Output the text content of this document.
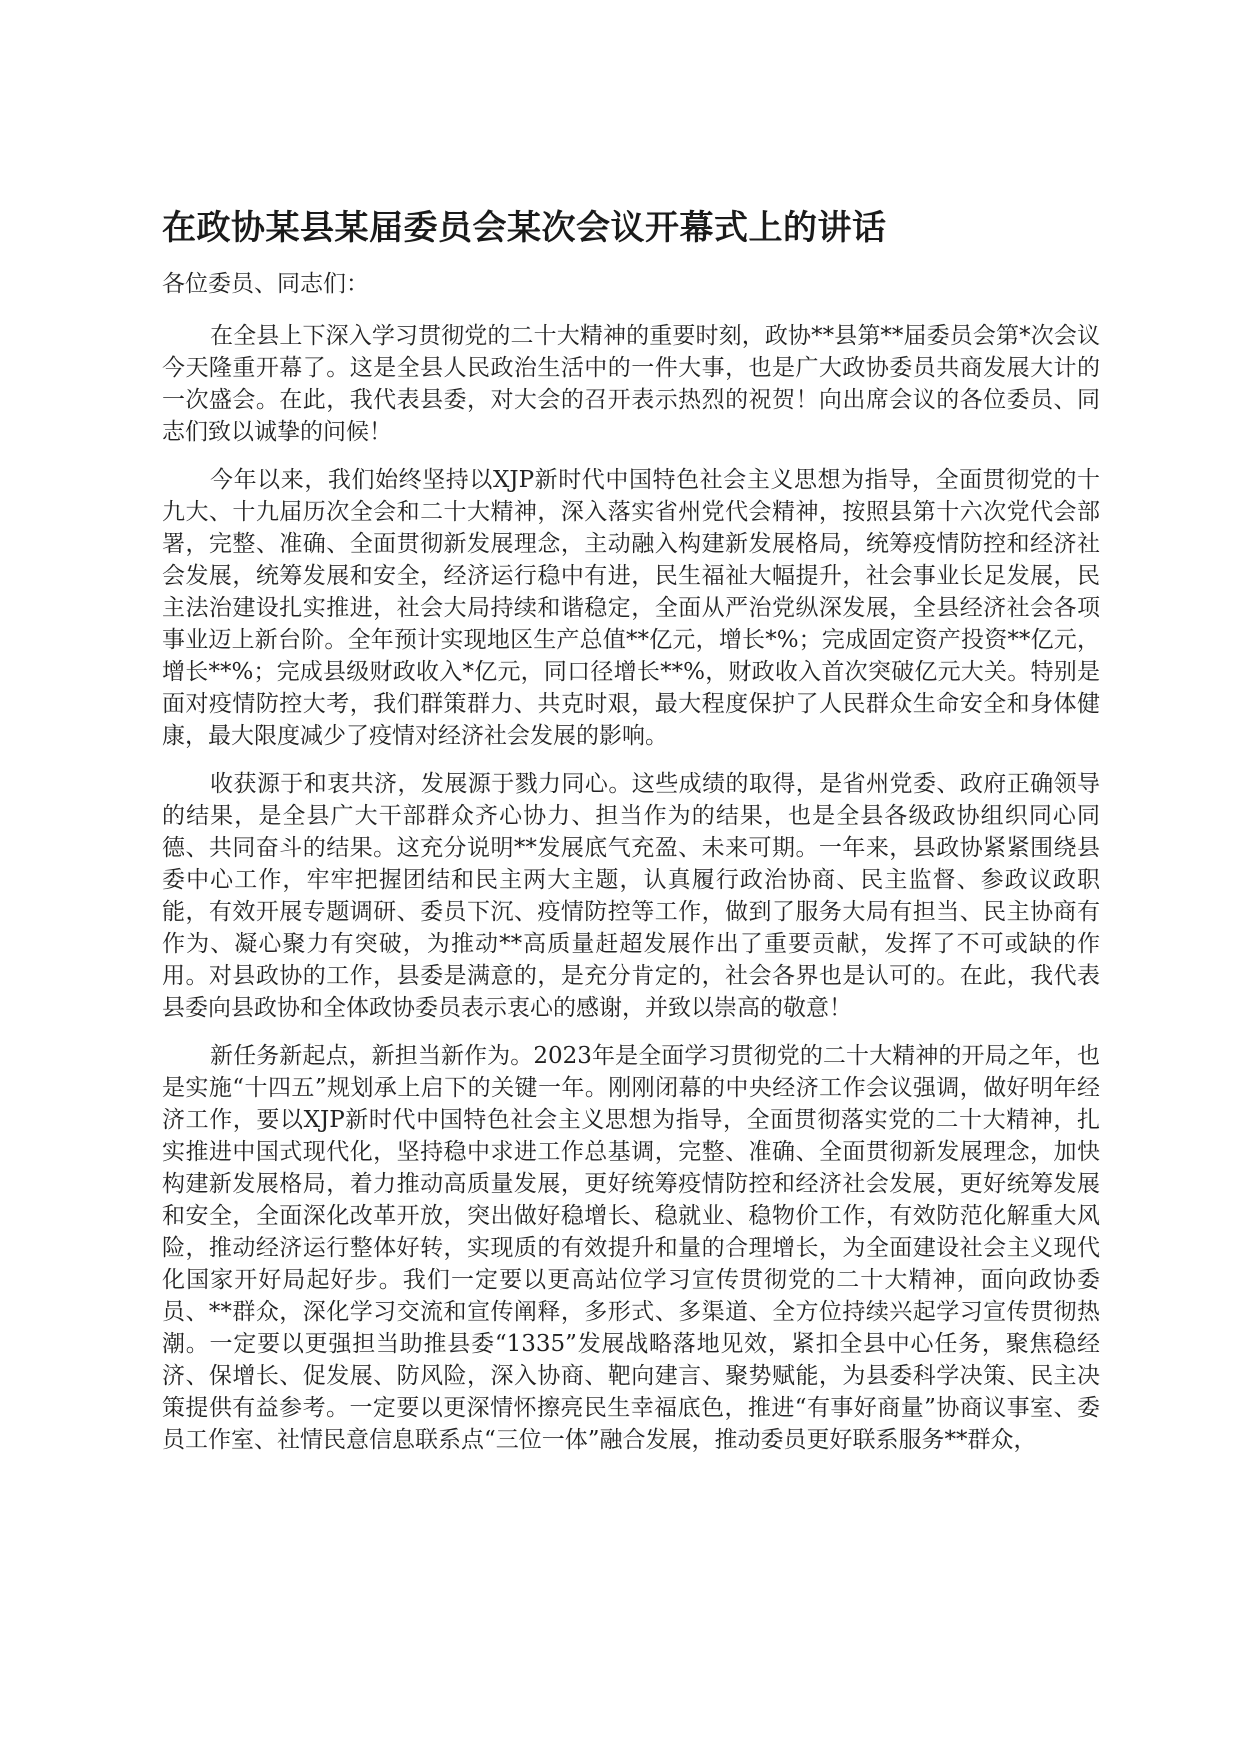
在政协某县某届委员会某次会议开幕式上的讲话

各位委员、同志们：

在全县上下深入学习贯彻党的二十大精神的重要时刻，政协**县第**届委员会第*次会议今天隆重开幕了。这是全县人民政治生活中的一件大事，也是广大政协委员共商发展大计的一次盛会。在此，我代表县委，对大会的召开表示热烈的祝贺！向出席会议的各位委员、同志们致以诚挚的问候！

今年以来，我们始终坚持以XJP新时代中国特色社会主义思想为指导，全面贯彻党的十九大、十九届历次全会和二十大精神，深入落实省州党代会精神，按照县第十六次党代会部署，完整、准确、全面贯彻新发展理念，主动融入构建新发展格局，统筹疫情防控和经济社会发展，统筹发展和安全，经济运行稳中有进，民生福祉大幅提升，社会事业长足发展，民主法治建设扎实推进，社会大局持续和谐稳定，全面从严治党纵深发展，全县经济社会各项事业迈上新台阶。全年预计实现地区生产总值**亿元，增长*%；完成固定资产投资**亿元，增长**%；完成县级财政收入*亿元，同口径增长**%，财政收入首次突破亿元大关。特别是面对疫情防控大考，我们群策群力、共克时艰，最大程度保护了人民群众生命安全和身体健康，最大限度减少了疫情对经济社会发展的影响。

收获源于和衷共济，发展源于戮力同心。这些成绩的取得，是省州党委、政府正确领导的结果，是全县广大干部群众齐心协力、担当作为的结果，也是全县各级政协组织同心同德、共同奋斗的结果。这充分说明**发展底气充盈、未来可期。一年来，县政协紧紧围绕县委中心工作，牢牢把握团结和民主两大主题，认真履行政治协商、民主监督、参政议政职能，有效开展专题调研、委员下沉、疫情防控等工作，做到了服务大局有担当、民主协商有作为、凝心聚力有突破，为推动**高质量赶超发展作出了重要贡献，发挥了不可或缺的作用。对县政协的工作，县委是满意的，是充分肯定的，社会各界也是认可的。在此，我代表县委向县政协和全体政协委员表示衷心的感谢，并致以崇高的敬意！

新任务新起点，新担当新作为。2023年是全面学习贯彻党的二十大精神的开局之年，也是实施“十四五”规划承上启下的关键一年。刚刚闭幕的中央经济工作会议强调，做好明年经济工作，要以XJP新时代中国特色社会主义思想为指导，全面贯彻落实党的二十大精神，扎实推进中国式现代化，坚持稳中求进工作总基调，完整、准确、全面贯彻新发展理念，加快构建新发展格局，着力推动高质量发展，更好统筹疫情防控和经济社会发展，更好统筹发展和安全，全面深化改革开放，突出做好稳增长、稳就业、稳物价工作，有效防范化解重大风险，推动经济运行整体好转，实现质的有效提升和量的合理增长，为全面建设社会主义现代化国家开好局起好步。我们一定要以更高站位学习宣传贯彻党的二十大精神，面向政协委员、**群众，深化学习交流和宣传阐释，多形式、多渠道、全方位持续兴起学习宣传贯彻热潮。一定要以更强担当助推县委“1335”发展战略落地见效，紧扣全县中心任务，聚焦稳经济、保增长、促发展、防风险，深入协商、靶向建言、聚势赋能，为县委科学决策、民主决策提供有益参考。一定要以更深情怀擦亮民生幸福底色，推进“有事好商量”协商议事室、委员工作室、社情民意信息联系点“三位一体”融合发展，推动委员更好联系服务**群众，
